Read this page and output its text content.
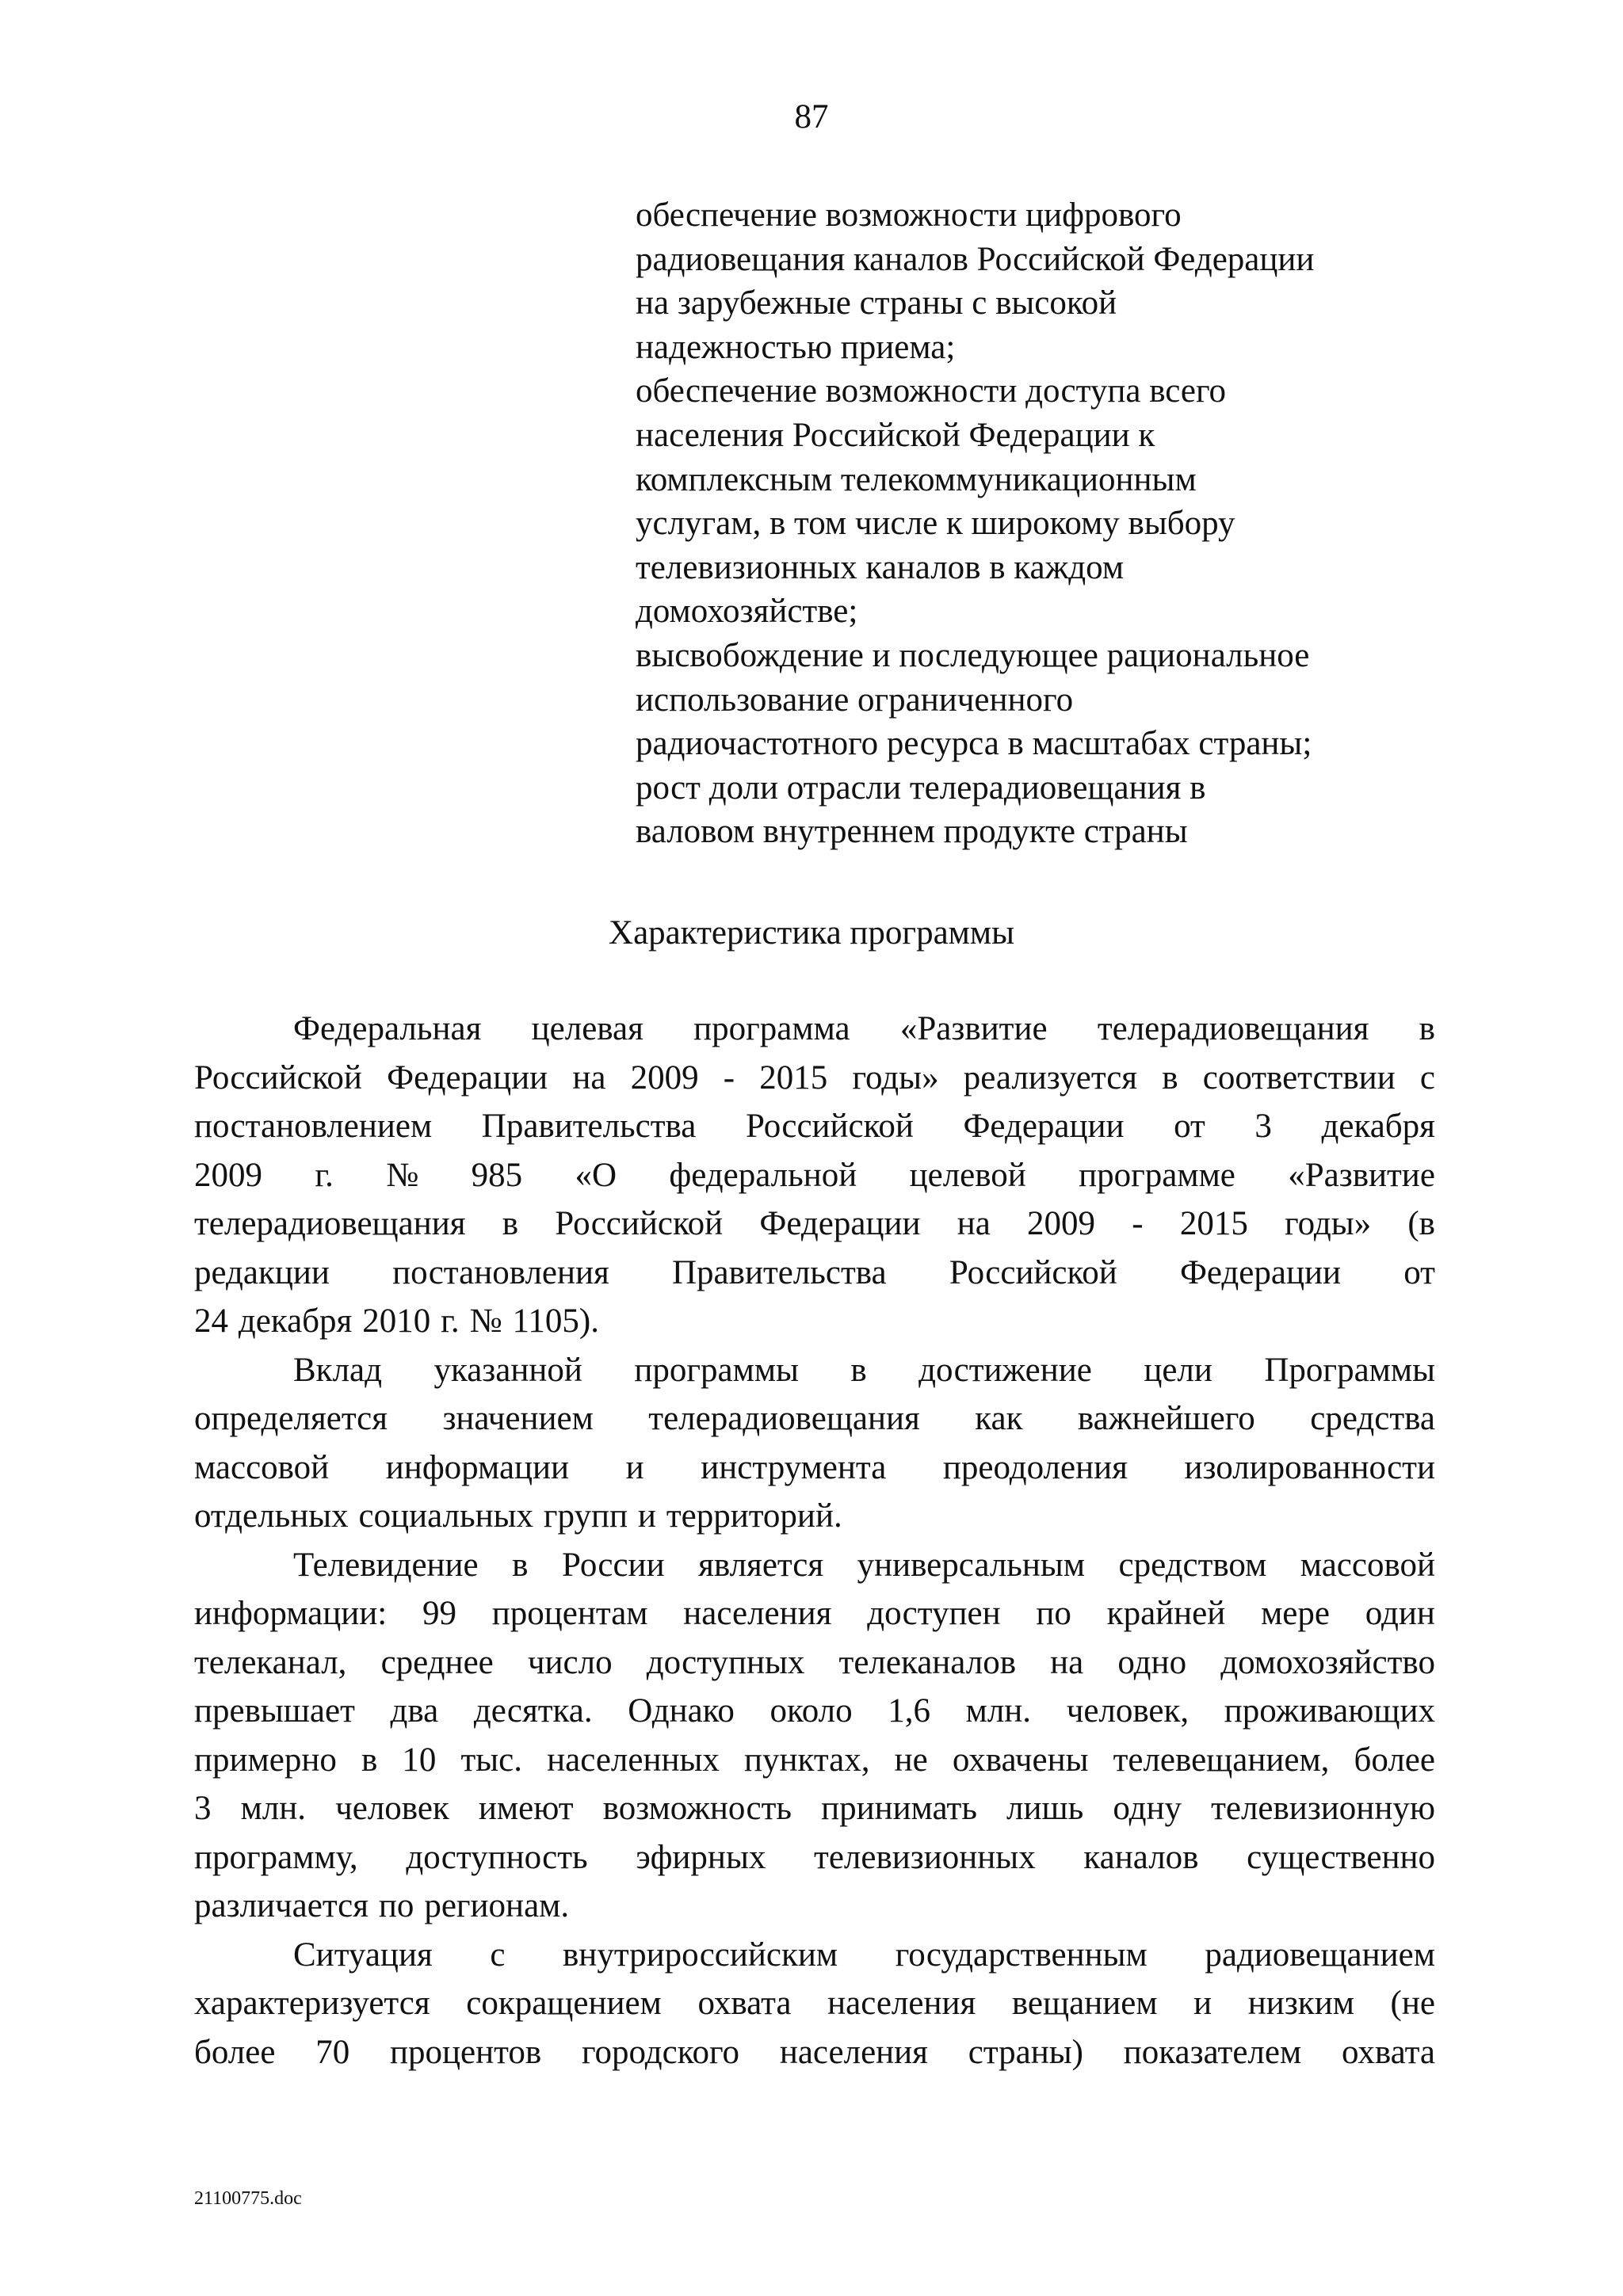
87
обеспечение возможности цифрового
радиовещания каналов Российской Федерации
на зарубежные страны с высокой
надежностью приема;
обеспечение возможности доступа всего
населения Российской Федерации к
комплексным телекоммуникационным
услугам, в том числе к широкому выбору
телевизионных каналов в каждом
домохозяйстве;
высвобождение и последующее рациональное
использование ограниченного
радиочастотного ресурса в масштабах страны;
рост доли отрасли телерадиовещания в
валовом внутреннем продукте страны
Характеристика программы
Федеральная целевая программа «Развитие телерадиовещания в
Российской Федерации на 2009 - 2015 годы» реализуется в соответствии с
постановлением Правительства Российской Федерации от 3 декабря
2009 г. № 985 «О федеральной целевой программе «Развитие
телерадиовещания в Российской Федерации на 2009 - 2015 годы» (в
редакции постановления Правительства Российской Федерации от
24 декабря 2010 г. № 1105).
Вклад указанной программы в достижение цели Программы
определяется значением телерадиовещания как важнейшего средства
массовой информации и инструмента преодоления изолированности
отдельных социальных групп и территорий.
Телевидение в России является универсальным средством массовой
информации: 99 процентам населения доступен по крайней мере один
телеканал, среднее число доступных телеканалов на одно домохозяйство
превышает два десятка. Однако около 1,6 млн. человек, проживающих
примерно в 10 тыс. населенных пунктах, не охвачены телевещанием, более
3 млн. человек имеют возможность принимать лишь одну телевизионную
программу, доступность эфирных телевизионных каналов существенно
различается по регионам.
Ситуация с внутрироссийским государственным радиовещанием
характеризуется сокращением охвата населения вещанием и низким (не
более 70 процентов городского населения страны) показателем охвата
21100775.doc
